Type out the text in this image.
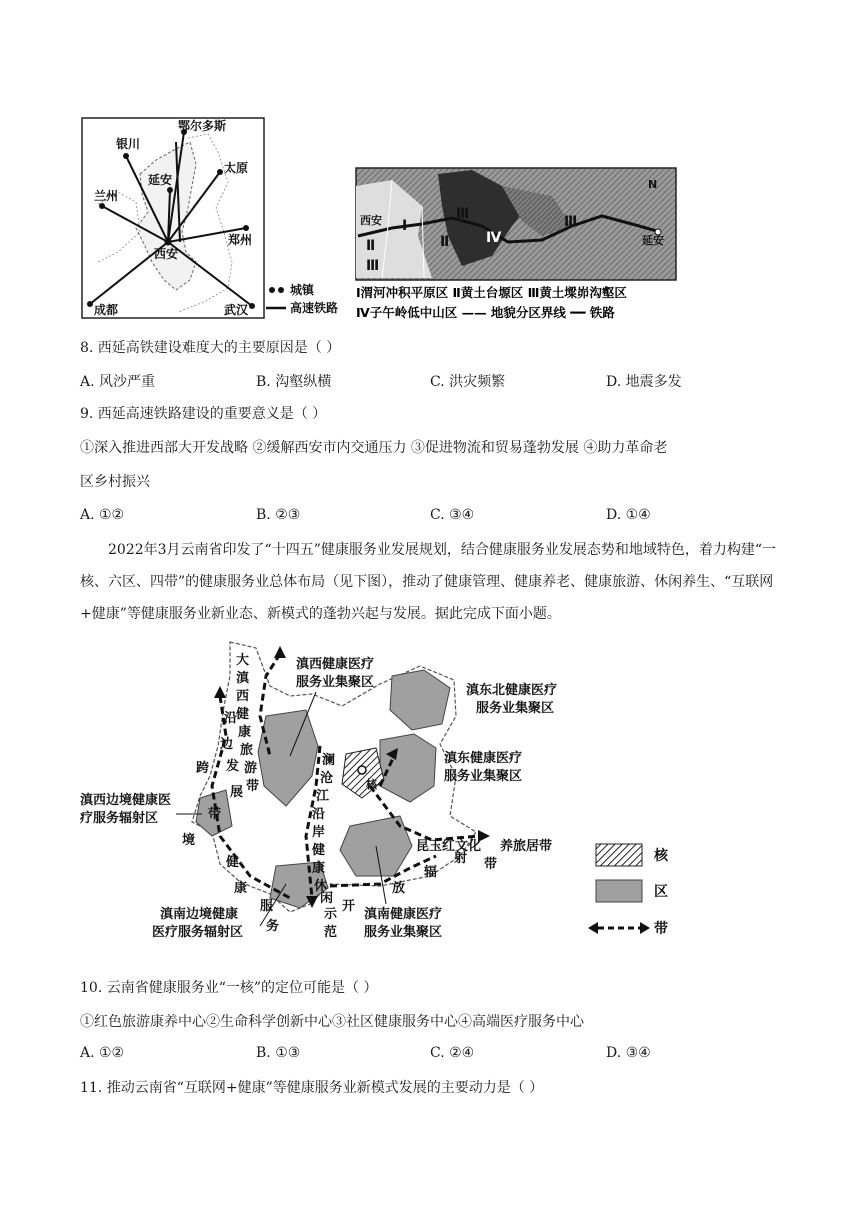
鄂尔多斯
银川
太原
延安
兰州
郑州
西安
成都	武汉
城镇
高速铁路
西安
延安
N
Ⅰ
Ⅱ	Ⅱ
Ⅲ
Ⅲ	Ⅲ
Ⅳ
Ⅰ渭河冲积平原区 Ⅱ黄土台塬区 Ⅲ黄土墚峁沟壑区
Ⅳ子午岭低中山区 —— 地貌分区界线 ━━ 铁路
8. 西延高铁建设难度大的主要原因是（ ）
A. 风沙严重	B. 沟壑纵横	C. 洪灾频繁	D. 地震多发
9. 西延高速铁路建设的重要意义是（ ）
①深入推进西部大开发战略 ②缓解西安市内交通压力 ③促进物流和贸易蓬勃发展 ④助力革命老
区乡村振兴
A. ①②	B. ②③	C. ③④	D. ①④
2022年3月云南省印发了“十四五”健康服务业发展规划，结合健康服务业发展态势和地域特色，着力构建“一核、六区、四带”的健康服务业总体布局（见下图），推动了健康管理、健康养老、健康旅游、休闲养生、“互联网+健康”等健康服务业新业态、新模式的蓬勃兴起与发展。据此完成下面小题。
核
滇西健康医疗
服务业集聚区
滇东北健康医疗
服务业集聚区
滇东健康医疗
服务业集聚区
滇西边境健康医
疗服务辐射区
滇南边境健康
医疗服务辐射区
滇南健康医疗
服务业集聚区
大
滇
西
健
康
旅
游
带
沿
边
跨
境
健
康
服
务
发
展
带
澜
沧
江
沿
岸
健
康
休
闲
示
范
昆玉红文化 养旅居带
开
放
辐
射 带
核
区
带
10. 云南省健康服务业“一核”的定位可能是（ ）
①红色旅游康养中心②生命科学创新中心③社区健康服务中心④高端医疗服务中心
A. ①②	B. ①③	C. ②④	D. ③④
11. 推动云南省“互联网+健康”等健康服务业新模式发展的主要动力是（ ）
